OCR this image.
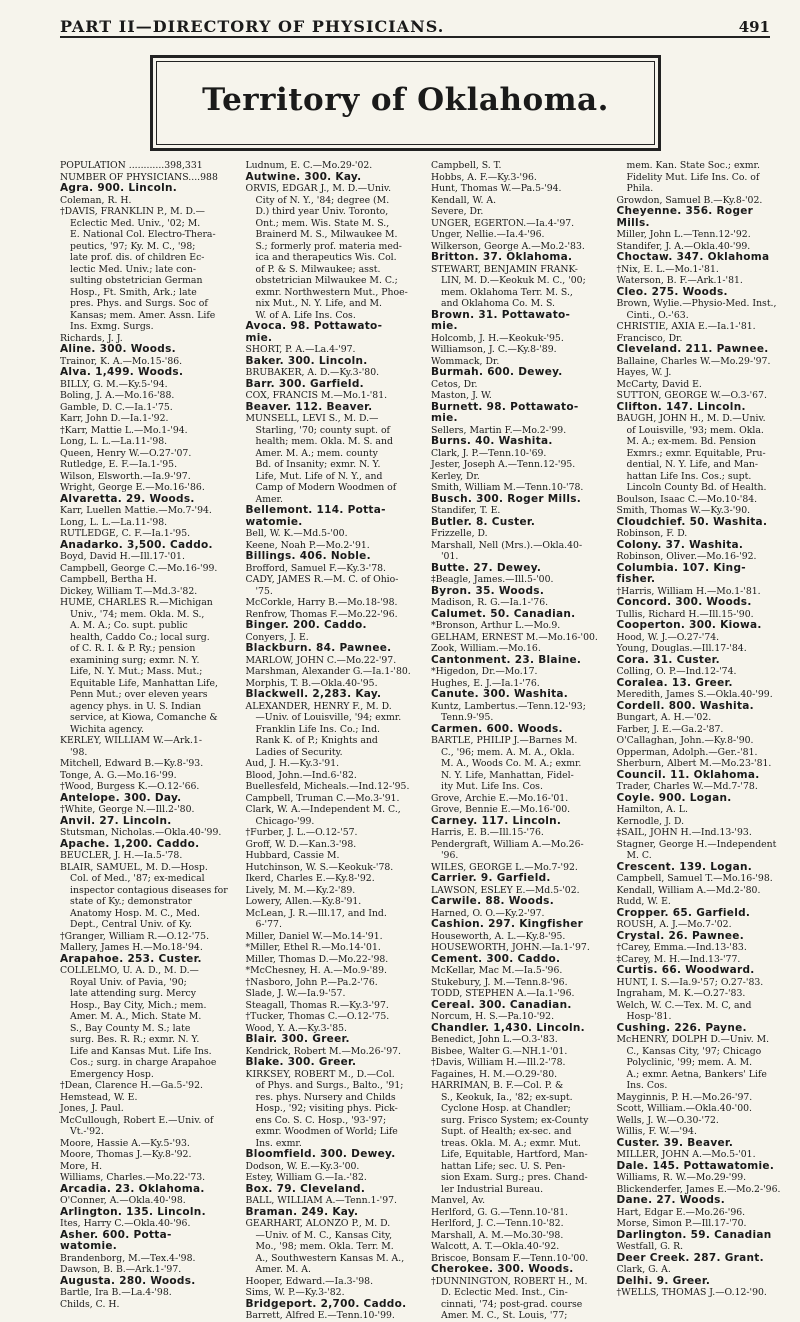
PART II—DIRECTORY OF PHYSICIANS.	491
Territory of Oklahoma.
POPULATION ............398,331
NUMBER OF PHYSICIANS....988
Agra. 900. Lincoln.
Coleman, R. H.
†DAVIS, FRANKLIN P., M. D.—
Eclectic Med. Univ., '02; M.
E. National Col. Electro-Thera-
peutics, '97; Ky. M. C., '98;
late prof. dis. of children Ec-
lectic Med. Univ.; late con-
sulting obstetrician German
Hosp., Ft. Smith, Ark.; late
pres. Phys. and Surgs. Soc of
Kansas; mem. Amer. Assn. Life
Ins. Exmg. Surgs.
Richards, J. J.
Aline. 300. Woods.
Trainor, K. A.—Mo.15-'86.
Alva. 1,499. Woods.
BILLY, G. M.—Ky.5-'94.
Boling, J. A.—Mo.16-'88.
Gamble, D. C.—Ia.1-'75.
Karr, John D.—Ia.1-'92.
†Karr, Mattie L.—Mo.1-'94.
Long, L. L.—La.11-'98.
Queen, Henry W.—O.27-'07.
Rutledge, E. F.—Ia.1-'95.
Wilson, Elsworth.—Ia.9-'97.
Wright, George E.—Mo.16-'86.
Alvaretta. 29. Woods.
Karr, Luellen Mattie.—Mo.7-'94.
Long, L. L.—La.11-'98.
RUTLEDGE, C. F.—Ia.1-'95.
Anadarko. 3,500. Caddo.
Boyd, David H.—Ill.17-'01.
Campbell, George C.—Mo.16-'99.
Campbell, Bertha H.
Dickey, William T.—Md.3-'82.
HUME, CHARLES R.—Michigan
Univ., '74; mem. Okla. M. S.,
A. M. A.; Co. supt. public
health, Caddo Co.; local surg.
of C. R. I. & P. Ry.; pension
examining surg; exmr. N. Y.
Life, N. Y. Mut.; Mass. Mut.;
Equitable Life, Manhattan Life,
Penn Mut.; over eleven years
agency phys. in U. S. Indian
service, at Kiowa, Comanche &
Wichita agency.
KERLEY, WILLIAM W.—Ark.1-
'98.
Mitchell, Edward B.—Ky.8-'93.
Tonge, A. G.—Mo.16-'99.
†Wood, Burgess K.—O.12-'66.
Antelope. 300. Day.
†White, George N.—Ill.2-'80.
Anvil. 27. Lincoln.
Stutsman, Nicholas.—Okla.40-'99.
Apache. 1,200. Caddo.
BEUCLER, J. H.—Ia.5-'78.
BLAIR, SAMUEL, M. D.—Hosp.
Col. of Med., '87; ex-medical
inspector contagious diseases for
state of Ky.; demonstrator
Anatomy Hosp. M. C., Med.
Dept., Central Univ. of Ky.
†Granger, William R.—O.12-'75.
Mallery, James H.—Mo.18-'94.
Arapahoe. 253. Custer.
COLLELMO, U. A. D., M. D.—
Royal Univ. of Pavia, '90;
late attending surg. Mercy
Hosp., Bay City, Mich.; mem.
Amer. M. A., Mich. State M.
S., Bay County M. S.; late
surg. Bes. R. R.; exmr. N. Y.
Life and Kansas Mut. Life Ins.
Cos.; surg. in charge Arapahoe
Emergency Hosp.
†Dean, Clarence H.—Ga.5-'92.
Hemstead, W. E.
Jones, J. Paul.
McCullough, Robert E.—Univ. of
Vt.-'92.
Moore, Hassie A.—Ky.5-'93.
Moore, Thomas J.—Ky.8-'92.
More, H.
Williams, Charles.—Mo.22-'73.
Arcadia. 23. Oklahoma.
O'Conner, A.—Okla.40-'98.
Arlington. 135. Lincoln.
Ites, Harry C.—Okla.40-'96.
Asher. 600. Potta-
watomie.
Brandenborg, M.—Tex.4-'98.
Dawson, B. B.—Ark.1-'97.
Augusta. 280. Woods.
Bartle, Ira B.—La.4-'98.
Childs, C. H.
Ludnum, E. C.—Mo.29-'02.
Autwine. 300. Kay.
ORVIS, EDGAR J., M. D.—Univ.
City of N. Y., '84; degree (M.
D.) third year Univ. Toronto,
Ont.; mem. Wis. State M. S.,
Brainerd M. S., Milwaukee M.
S.; formerly prof. materia med-
ica and therapeutics Wis. Col.
of P. & S. Milwaukee; asst.
obstetrician Milwaukee M. C.;
exmr. Northwestern Mut., Phoe-
nix Mut., N. Y. Life, and M.
W. of A. Life Ins. Cos.
Avoca. 98. Pottawato-
mie.
SHORT, P. A.—La.4-'97.
Baker. 300. Lincoln.
BRUBAKER, A. D.—Ky.3-'80.
Barr. 300. Garfield.
COX, FRANCIS M.—Mo.1-'81.
Beaver. 112. Beaver.
MUNSELL, LEVI S., M. D.—
Starling, '70; county supt. of
health; mem. Okla. M. S. and
Amer. M. A.; mem. county
Bd. of Insanity; exmr. N. Y.
Life, Mut. Life of N. Y., and
Camp of Modern Woodmen of
Amer.
Bellemont. 114. Potta-
watomie.
Bell, W. K.—Md.5-'00.
Keene, Noah P.—Mo.2-'91.
Billings. 406. Noble.
Brofford, Samuel F.—Ky.3-'78.
CADY, JAMES R.—M. C. of Ohio-
'75.
McCorkle, Harry B.—Mo.18-'98.
Renfrow, Thomas F.—Mo.22-'96.
Binger. 200. Caddo.
Conyers, J. E.
Blackburn. 84. Pawnee.
MARLOW, JOHN C.—Mo.22-'97.
Marshman, Alexander G.—Ia.1-'80.
Morphis, T. B.—Okla.40-'95.
Blackwell. 2,283. Kay.
ALEXANDER, HENRY F., M. D.
—Univ. of Louisville, '94; exmr.
Franklin Life Ins. Co.; Ind.
Rank K. of P.; Knights and
Ladies of Security.
Aud, J. H.—Ky.3-'91.
Blood, John.—Ind.6-'82.
Buellesfeld, Micheals.—Ind.12-'95.
Campbell, Truman C.—Mo.3-'91.
Clark, W. A.—Independent M. C.,
Chicago-'99.
†Furber, J. L.—O.12-'57.
Groff, W. D.—Kan.3-'98.
Hubbard, Cassie M.
Hutchinson, W. S.—Keokuk-'78.
Ikerd, Charles E.—Ky.8-'92.
Lively, M. M.—Ky.2-'89.
Lowery, Allen.—Ky.8-'91.
McLean, J. R.—Ill.17, and Ind.
6-'77.
Miller, Daniel W.—Mo.14-'91.
*Miller, Ethel R.—Mo.14-'01.
Miller, Thomas D.—Mo.22-'98.
*McChesney, H. A.—Mo.9-'89.
†Nasboro, John P.—Pa.2-'76.
Slade, J. W.—Ia.9-'57.
Steagall, Thomas R.—Ky.3-'97.
†Tucker, Thomas C.—O.12-'75.
Wood, Y. A.—Ky.3-'85.
Blair. 300. Greer.
Kendrick, Robert M.—Mo.26-'97.
Blake. 300. Greer.
KIRKSEY, ROBERT M., D.—Col.
of Phys. and Surgs., Balto., '91;
res. phys. Nursery and Childs
Hosp., '92; visiting phys. Pick-
ens Co. S. C. Hosp., '93-'97;
exmr. Woodmen of World; Life
Ins. exmr.
Bloomfield. 300. Dewey.
Dodson, W. E.—Ky.3-'00.
Estey, William G.—Ia.-'82.
Box. 79. Cleveland.
BALL, WILLIAM A.—Tenn.1-'97.
Braman. 249. Kay.
GEARHART, ALONZO P., M. D.
—Univ. of M. C., Kansas City,
Mo., '98; mem. Okla. Terr. M.
A., Southwestern Kansas M. A.,
Amer. M. A.
Hooper, Edward.—Ia.3-'98.
Sims, W. P.—Ky.3-'82.
Bridgeport. 2,700. Caddo.
Barrett, Alfred E.—Tenn.10-'99.
Campbell, S. T.
Hobbs, A. F.—Ky.3-'96.
Hunt, Thomas W.—Pa.5-'94.
Kendall, W. A.
Severe, Dr.
UNGER, EGERTON.—Ia.4-'97.
Unger, Nellie.—Ia.4-'96.
Wilkerson, George A.—Mo.2-'83.
Britton. 37. Oklahoma.
STEWART, BENJAMIN FRANK-
LIN, M. D.—Keokuk M. C., '00;
mem. Oklahoma Terr. M. S.,
and Oklahoma Co. M. S.
Brown. 31. Pottawato-
mie.
Holcomb, J. H.—Keokuk-'95.
Williamson, J. C.—Ky.8-'89.
Wommack, Dr.
Burmah. 600. Dewey.
Cetos, Dr.
Maston, J. W.
Burnett. 98. Pottawato-
mie.
Sellers, Martin F.—Mo.2-'99.
Burns. 40. Washita.
Clark, J. P.—Tenn.10-'69.
Jester, Joseph A.—Tenn.12-'95.
Kerley, Dr.
Smith, William M.—Tenn.10-'78.
Busch. 300. Roger Mills.
Standifer, T. E.
Butler. 8. Custer.
Frizzelle, D.
Marshall, Nell (Mrs.).—Okla.40-
'01.
Butte. 27. Dewey.
‡Beagle, James.—Ill.5-'00.
Byron. 35. Woods.
Madison, R. G.—Ia.1-'76.
Calumet. 50. Canadian.
*Bronson, Arthur L.—Mo.9.
GELHAM, ERNEST M.—Mo.16-'00.
Zook, William.—Mo.16.
Cantonment. 23. Blaine.
*Higedon, Dr.—Mo.17.
Hughes, E. J.—Ia.1-'76.
Canute. 300. Washita.
Kuntz, Lambertus.—Tenn.12-'93;
Tenn.9-'95.
Carmen. 600. Woods.
BARTLE, PHILIP J.—Barnes M.
C., '96; mem. A. M. A., Okla.
M. A., Woods Co. M. A.; exmr.
N. Y. Life, Manhattan, Fidel-
ity Mut. Life Ins. Cos.
Grove, Archie E.—Mo.16-'01.
Grove, Bennie E.—Mo.16-'00.
Carney. 117. Lincoln.
Harris, E. B.—Ill.15-'76.
Pendergraft, William A.—Mo.26-
'96.
WILES, GEORGE L.—Mo.7-'92.
Carrier. 9. Garfield.
LAWSON, ESLEY E.—Md.5-'02.
Carwile. 88. Woods.
Harned, O. O.—Ky.2-'97.
Cashion. 297. Kingfisher
Houseworth, A. L.—Ky.8-'95.
HOUSEWORTH, JOHN.—Ia.1-'97.
Cement. 300. Caddo.
McKellar, Mac M.—Ia.5-'96.
Stukebury, J. M.—Tenn.8-'96.
TODD, STEPHEN A.—Ia.1-'96.
Cereal. 300. Canadian.
Norcum, H. S.—Pa.10-'92.
Chandler. 1,430. Lincoln.
Benedict, John L.—O.3-'83.
Bisbee, Walter G.—NH.1-'01.
†Davis, William H.—Ill.2-'78.
Fagaines, H. M.—O.29-'80.
HARRIMAN, B. F.—Col. P. &
S., Keokuk, Ia., '82; ex-supt.
Cyclone Hosp. at Chandler;
surg. Frisco System; ex-County
Supt. of Health; ex-sec. and
treas. Okla. M. A.; exmr. Mut.
Life, Equitable, Hartford, Man-
hattan Life; sec. U. S. Pen-
sion Exam. Surg.; pres. Chand-
ler Industrial Bureau.
Manvel, Av.
Herlford, G. G.—Tenn.10-'81.
Herlford, J. C.—Tenn.10-'82.
Marshall, A. M.—Mo.30-'98.
Walcott, A. T.—Okla.40-'92.
Briscoe, Bonsam F.—Tenn.10-'00.
Cherokee. 300. Woods.
†DUNNINGTON, ROBERT H., M.
D. Eclectic Med. Inst., Cin-
cinnati, '74; post-grad. course
Amer. M. C., St. Louis, '77;
mem. Kan. State Soc.; exmr.
Fidelity Mut. Life Ins. Co. of
Phila.
Growdon, Samuel B.—Ky.8-'02.
Cheyenne. 356. Roger
Mills.
Miller, John L.—Tenn.12-'92.
Standifer, J. A.—Okla.40-'99.
Choctaw. 347. Oklahoma
†Nix, E. L.—Mo.1-'81.
Waterson, B. F.—Ark.1-'81.
Cleo. 275. Woods.
Brown, Wylie.—Physio-Med. Inst.,
Cinti., O.-'63.
CHRISTIE, AXIA E.—Ia.1-'81.
Francisco, Dr.
Cleveland. 211. Pawnee.
Ballaine, Charles W.—Mo.29-'97.
Hayes, W. J.
McCarty, David E.
SUTTON, GEORGE W.—O.3-'67.
Clifton. 147. Lincoln.
BAUGH, JOHN H., M. D.—Univ.
of Louisville, '93; mem. Okla.
M. A.; ex-mem. Bd. Pension
Exmrs.; exmr. Equitable, Pru-
dential, N. Y. Life, and Man-
hattan Life Ins. Cos.; supt.
Lincoln County Bd. of Health.
Boulson, Isaac C.—Mo.10-'84.
Smith, Thomas W.—Ky.3-'90.
Cloudchief. 50. Washita.
Robinson, F. D.
Colony. 37. Washita.
Robinson, Oliver.—Mo.16-'92.
Columbia. 107. King-
fisher.
†Harris, William H.—Mo.1-'81.
Concord. 300. Woods.
Tullis, Richard H.—Ill.15-'90.
Cooperton. 300. Kiowa.
Hood, W. J.—O.27-'74.
Young, Douglas.—Ill.17-'84.
Cora. 31. Custer.
Colling, O. P.—Ind.12-'74.
Coralea. 13. Greer.
Meredith, James S.—Okla.40-'99.
Cordell. 800. Washita.
Bungart, A. H.—'02.
Farber, J. E.—Ga.2-'87.
O'Callaghan, John.—Ky.8-'90.
Opperman, Adolph.—Ger.-'81.
Sherburn, Albert M.—Mo.23-'81.
Council. 11. Oklahoma.
Trader, Charles W.—Md.7-'78.
Coyle. 900. Logan.
Hamilton, A. L.
Kernodle, J. D.
‡SAIL, JOHN H.—Ind.13-'93.
Stagner, George H.—Independent
M. C.
Crescent. 139. Logan.
Campbell, Samuel T.—Mo.16-'98.
Kendall, William A.—Md.2-'80.
Rudd, W. E.
Cropper. 65. Garfield.
ROUSH, A. J.—Mo.7-'02.
Crystal. 26. Pawnee.
†Carey, Emma.—Ind.13-'83.
‡Carey, M. H.—Ind.13-'77.
Curtis. 66. Woodward.
HUNT, I. S.—Ia.9-'57; O.27-'83.
Ingraham, M. K.—O.27-'83.
Welch, W. C.—Tex. M. C, and
Hosp-'81.
Cushing. 226. Payne.
McHENRY, DOLPH D.—Univ. M.
C., Kansas City, '97; Chicago
Polyclinic, '99; mem. A. M.
A.; exmr. Aetna, Bankers' Life
Ins. Cos.
Mayginnis, P. H.—Mo.26-'97.
Scott, William.—Okla.40-'00.
Wells, J. W.—O.30-'72.
Willis, F. W.—'94.
Custer. 39. Beaver.
MILLER, JOHN A.—Mo.5-'01.
Dale. 145. Pottawatomie.
Williams, R. W.—Mo.29-'99.
Blickenderfer, James E.—Mo.2-'96.
Dane. 27. Woods.
Hart, Edgar E.—Mo.26-'96.
Morse, Simon P.—Ill.17-'70.
Darlington. 59. Canadian
Westfall, G. R.
Deer Creek. 287. Grant.
Clark, G. A.
Delhi. 9. Greer.
†WELLS, THOMAS J.—O.12-'90.
